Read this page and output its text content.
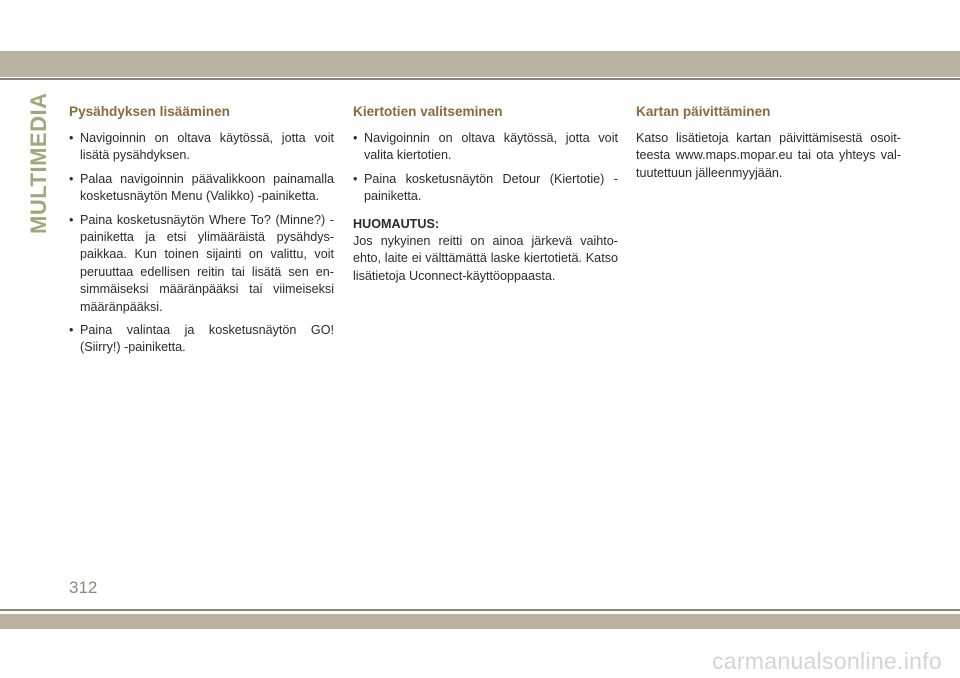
MULTIMEDIA Pysähdyksen lisääminen
• Navigoinnin on oltava käytössä, jotta voit lisätä pysähdyksen.
• Palaa navigoinnin päävalikkoon painamalla kosketusnäytön Menu (Valikko) -painiketta.
• Paina kosketusnäytön Where To? (Minne?) -painiketta ja etsi ylimääräistä pysähdys-paikkaa. Kun toinen sijainti on valittu, voit peruuttaa edellisen reitin tai lisätä sen en-simmäiseksi määränpääksi tai viimeiseksi määränpääksi.
• Paina valintaa ja kosketusnäytön GO! (Siirry!) -painiketta.
Kiertotien valitseminen
• Navigoinnin on oltava käytössä, jotta voit valita kiertotien.
• Paina kosketusnäytön Detour (Kiertotie) -painiketta.
HUOMAUTUS:

Jos nykyinen reitti on ainoa järkevä vaihto-ehto, laite ei välttämättä laske kiertotietä. Katso lisätietoja Uconnect-käyttöoppaasta.

Kartan päivittäminen

Katso lisätietoja kartan päivittämisestä osoit-teesta www.maps.mopar.eu tai ota yhteys val-tuutettuun jälleenmyyjään.

312
carmanualsonline.info
